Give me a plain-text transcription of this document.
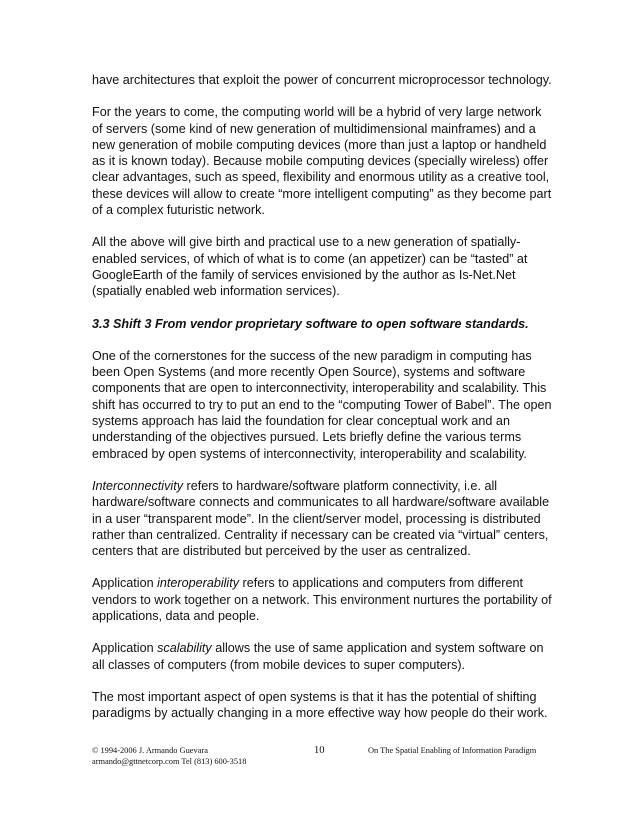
have architectures that exploit the power of concurrent microprocessor technology.

For the years to come, the computing world will be a hybrid of very large network of servers (some kind of new generation of multidimensional mainframes) and a new generation of mobile computing devices (more than just a laptop or handheld as it is known today). Because mobile computing devices (specially wireless) offer clear advantages, such as speed, flexibility and enormous utility as a creative tool, these devices will allow to create “more intelligent computing” as they become part of a complex futuristic network.

All the above will give birth and practical use to a new generation of spatially-enabled services, of which of what is to come (an appetizer) can be “tasted” at GoogleEarth of the family of services envisioned by the author as Is-Net.Net (spatially enabled web information services).

3.3 Shift 3 From vendor proprietary software to open software standards.

One of the cornerstones for the success of the new paradigm in computing has been Open Systems (and more recently Open Source), systems and software components that are open to interconnectivity, interoperability and scalability. This shift has occurred to try to put an end to the “computing Tower of Babel”. The open systems approach has laid the foundation for clear conceptual work and an understanding of the objectives pursued. Lets briefly define the various terms embraced by open systems of interconnectivity, interoperability and scalability.

Interconnectivity refers to hardware/software platform connectivity, i.e. all hardware/software connects and communicates to all hardware/software available in a user “transparent mode”. In the client/server model, processing is distributed rather than centralized. Centrality if necessary can be created via “virtual” centers, centers that are distributed but perceived by the user as centralized.

Application interoperability refers to applications and computers from different vendors to work together on a network. This environment nurtures the portability of applications, data and people.

Application scalability allows the use of same application and system software on all classes of computers (from mobile devices to super computers).

The most important aspect of open systems is that it has the potential of shifting paradigms by actually changing in a more effective way how people do their work.

© 1994-2006 J. Armando Guevara
armando@gttnetcorp.com Tel (813) 600-3518
10	On The Spatial Enabling of Information Paradigm
